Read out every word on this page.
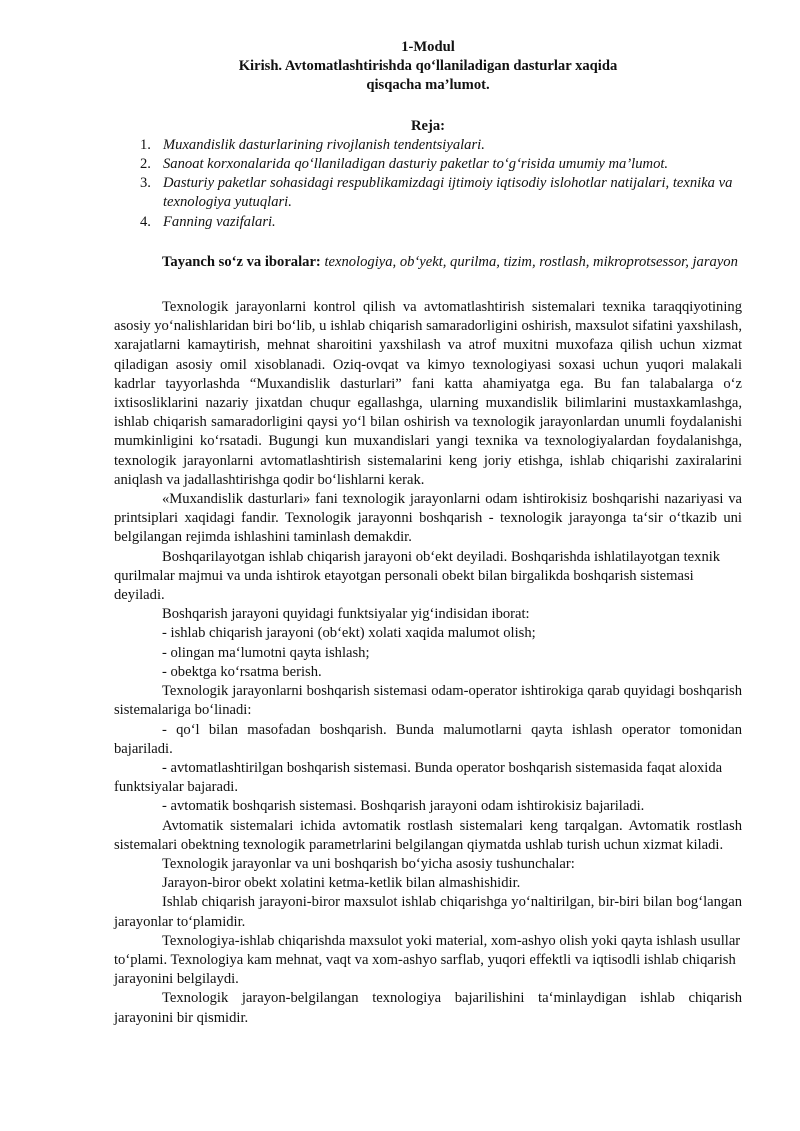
1-Modul

Kirish. Avtomatlashtirishda qo‘llaniladigan dasturlar xaqida

qisqacha ma’lumot.

Reja:

1. Muxandislik dasturlarining rivojlanish tendentsiyalari.
2. Sanoat korxonalarida qo‘llaniladigan dasturiy paketlar to‘g‘risida umumiy ma’lumot.
3. Dasturiy paketlar sohasidagi respublikamizdagi ijtimoiy iqtisodiy islohotlar natijalari, texnika va texnologiya yutuqlari.
4. Fanning vazifalari.

Tayanch so‘z va iboralar: texnologiya, ob‘yekt, qurilma, tizim, rostlash, mikroprotsessor, jarayon

Texnologik jarayonlarni kontrol qilish va avtomatlashtirish sistemalari texnika taraqqiyotining asosiy yo‘nalishlaridan biri bo‘lib, u ishlab chiqarish samaradorligini oshirish, maxsulot sifatini yaxshilash, xarajatlarni kamaytirish, mehnat sharoitini yaxshilash va atrof muxitni muxofaza qilish uchun xizmat qiladigan asosiy omil xisoblanadi. Oziq-ovqat va kimyo texnologiyasi soxasi uchun yuqori malakali kadrlar tayyorlashda “Muxandislik dasturlari” fani katta ahamiyatga ega. Bu fan talabalarga o‘z ixtisosliklarini nazariy jixatdan chuqur egallashga, ularning muxandislik bilimlarini mustaxkamlashga, ishlab chiqarish samaradorligini qaysi yo‘l bilan oshirish va texnologik jarayonlardan unumli foydalanishi mumkinligini ko‘rsatadi. Bugungi kun muxandislari yangi texnika va texnologiyalardan foydalanishga, texnologik jarayonlarni avtomatlashtirish sistemalarini keng joriy etishga, ishlab chiqarishi zaxiralarini aniqlash va jadallashtirishga qodir bo‘lishlarni kerak.

«Muxandislik dasturlari» fani texnologik jarayonlarni odam ishtirokisiz boshqarishi nazariyasi va printsiplari xaqidagi fandir. Texnologik jarayonni boshqarish - texnologik jarayonga ta‘sir o‘tkazib uni belgilangan rejimda ishlashini taminlash demakdir.

Boshqarilayotgan ishlab chiqarish jarayoni ob‘ekt deyiladi. Boshqarishda ishlatilayotgan texnik qurilmalar majmui va unda ishtirok etayotgan personali obekt bilan birgalikda boshqarish sistemasi deyiladi.

Boshqarish jarayoni quyidagi funktsiyalar yig‘indisidan iborat:

- ishlab chiqarish jarayoni (ob‘ekt) xolati xaqida malumot olish;

- olingan ma‘lumotni qayta ishlash;

- obektga ko‘rsatma berish.

Texnologik jarayonlarni boshqarish sistemasi odam-operator ishtirokiga qarab quyidagi boshqarish sistemalariga bo‘linadi:

- qo‘l bilan masofadan boshqarish. Bunda malumotlarni qayta ishlash operator tomonidan bajariladi.

- avtomatlashtirilgan boshqarish sistemasi. Bunda operator boshqarish sistemasida faqat aloxida funktsiyalar bajaradi.

- avtomatik boshqarish sistemasi. Boshqarish jarayoni odam ishtirokisiz bajariladi.

Avtomatik sistemalari ichida avtomatik rostlash sistemalari keng tarqalgan. Avtomatik rostlash sistemalari obektning texnologik parametrlarini belgilangan qiymatda ushlab turish uchun xizmat kiladi.

Texnologik jarayonlar va uni boshqarish bo‘yicha asosiy tushunchalar:

Jarayon-biror obekt xolatini ketma-ketlik bilan almashishidir.

Ishlab chiqarish jarayoni-biror maxsulot ishlab chiqarishga yo‘naltirilgan, bir-biri bilan bog‘langan jarayonlar to‘plamidir.

Texnologiya-ishlab chiqarishda maxsulot yoki material, xom-ashyo olish yoki qayta ishlash usullar to‘plami. Texnologiya kam mehnat, vaqt va xom-ashyo sarflab, yuqori effektli va iqtisodli ishlab chiqarish jarayonini belgilaydi.

Texnologik jarayon-belgilangan texnologiya bajarilishini ta‘minlaydigan ishlab chiqarish jarayonini bir qismidir.
